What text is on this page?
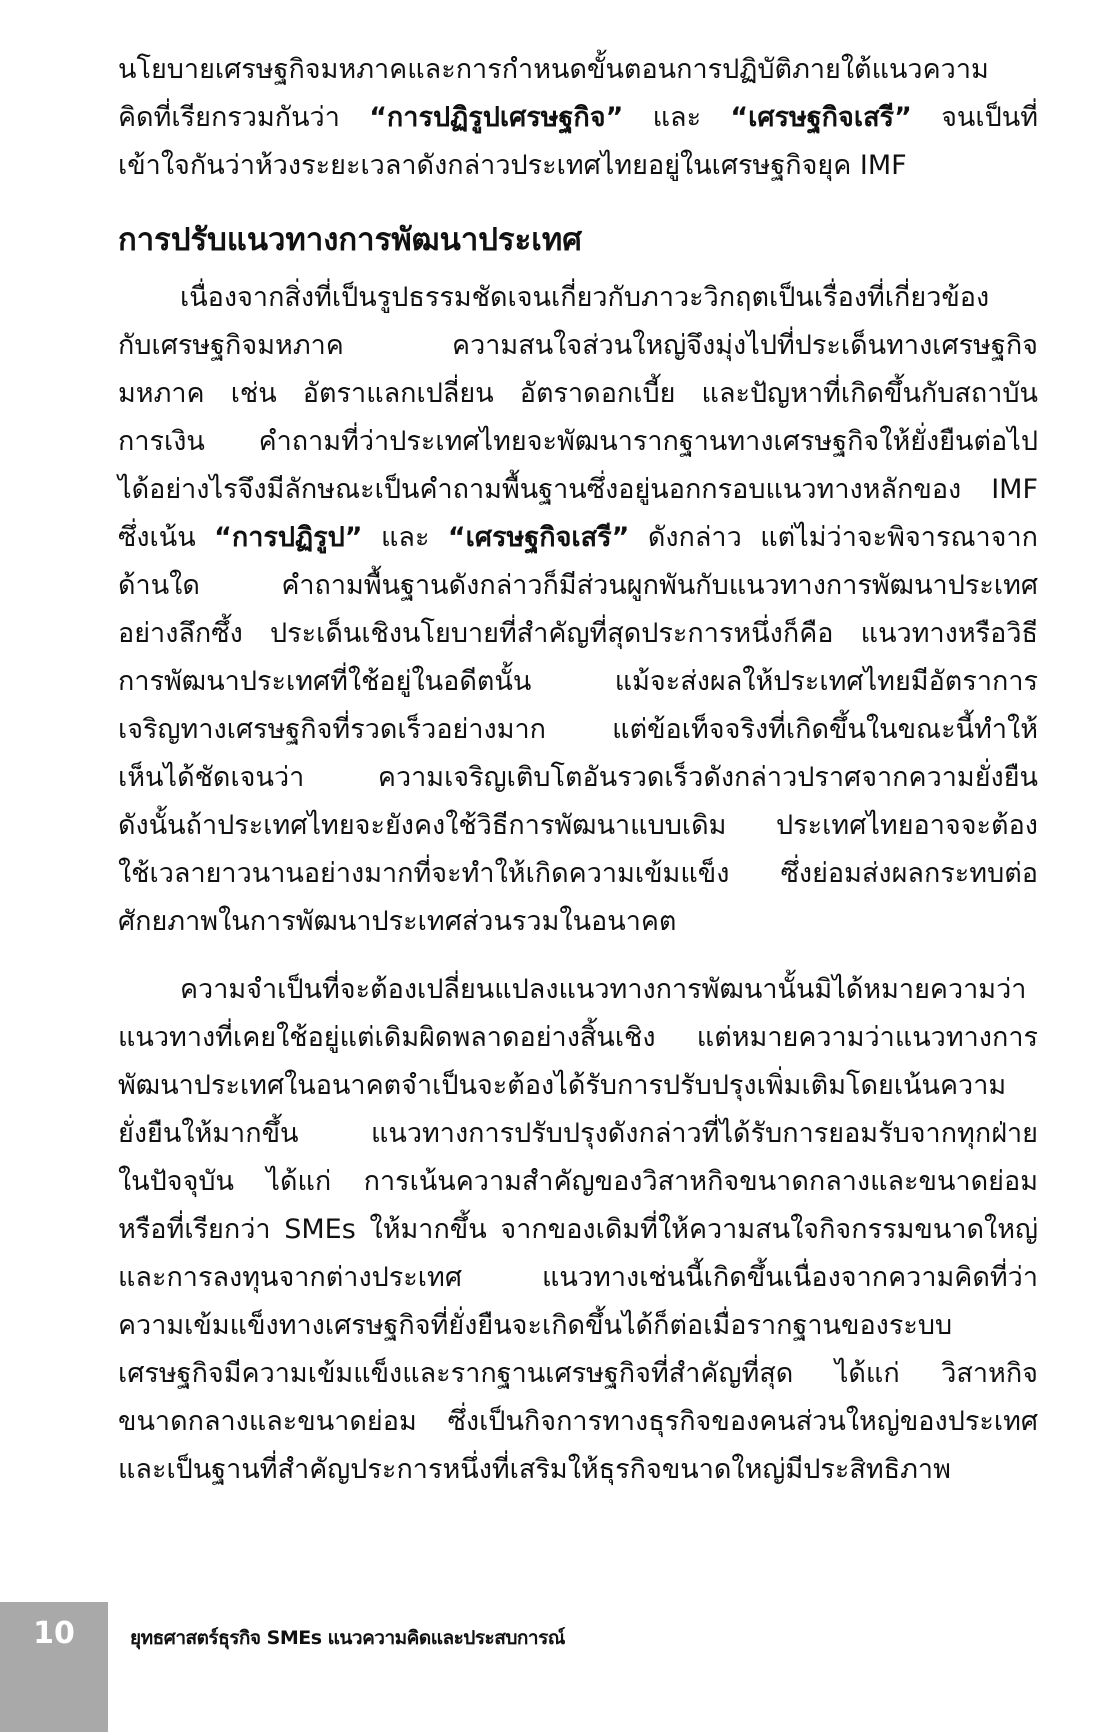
นโยบายเศรษฐกิจมหภาคและการกำหนดขั้นตอนการปฏิบัติภายใต้แนวความ
คิดที่เรียกรวมกันว่า “การปฏิรูปเศรษฐกิจ” และ “เศรษฐกิจเสรี” จนเป็นที่
เข้าใจกันว่าห้วงระยะเวลาดังกล่าวประเทศไทยอยู่ในเศรษฐกิจยุค IMF
การปรับแนวทางการพัฒนาประเทศ
เนื่องจากสิ่งที่เป็นรูปธรรมชัดเจนเกี่ยวกับภาวะวิกฤตเป็นเรื่องที่เกี่ยวข้อง
กับเศรษฐกิจมหภาค ความสนใจส่วนใหญ่จึงมุ่งไปที่ประเด็นทางเศรษฐกิจ
มหภาค เช่น อัตราแลกเปลี่ยน อัตราดอกเบี้ย และปัญหาที่เกิดขึ้นกับสถาบัน
การเงิน คำถามที่ว่าประเทศไทยจะพัฒนารากฐานทางเศรษฐกิจให้ยั่งยืนต่อไป
ได้อย่างไรจึงมีลักษณะเป็นคำถามพื้นฐานซึ่งอยู่นอกกรอบแนวทางหลักของ IMF
ซึ่งเน้น “การปฏิรูป” และ “เศรษฐกิจเสรี” ดังกล่าว แต่ไม่ว่าจะพิจารณาจาก
ด้านใด คำถามพื้นฐานดังกล่าวก็มีส่วนผูกพันกับแนวทางการพัฒนาประเทศ
อย่างลึกซึ้ง ประเด็นเชิงนโยบายที่สำคัญที่สุดประการหนึ่งก็คือ แนวทางหรือวิธี
การพัฒนาประเทศที่ใช้อยู่ในอดีตนั้น แม้จะส่งผลให้ประเทศไทยมีอัตราการ
เจริญทางเศรษฐกิจที่รวดเร็วอย่างมาก แต่ข้อเท็จจริงที่เกิดขึ้นในขณะนี้ทำให้
เห็นได้ชัดเจนว่า ความเจริญเติบโตอันรวดเร็วดังกล่าวปราศจากความยั่งยืน
ดังนั้นถ้าประเทศไทยจะยังคงใช้วิธีการพัฒนาแบบเดิม ประเทศไทยอาจจะต้อง
ใช้เวลายาวนานอย่างมากที่จะทำให้เกิดความเข้มแข็ง ซึ่งย่อมส่งผลกระทบต่อ
ศักยภาพในการพัฒนาประเทศส่วนรวมในอนาคต
ความจำเป็นที่จะต้องเปลี่ยนแปลงแนวทางการพัฒนานั้นมิได้หมายความว่า
แนวทางที่เคยใช้อยู่แต่เดิมผิดพลาดอย่างสิ้นเชิง แต่หมายความว่าแนวทางการ
พัฒนาประเทศในอนาคตจำเป็นจะต้องได้รับการปรับปรุงเพิ่มเติมโดยเน้นความ
ยั่งยืนให้มากขึ้น แนวทางการปรับปรุงดังกล่าวที่ได้รับการยอมรับจากทุกฝ่าย
ในปัจจุบัน ได้แก่ การเน้นความสำคัญของวิสาหกิจขนาดกลางและขนาดย่อม
หรือที่เรียกว่า SMEs ให้มากขึ้น จากของเดิมที่ให้ความสนใจกิจกรรมขนาดใหญ่
และการลงทุนจากต่างประเทศ แนวทางเช่นนี้เกิดขึ้นเนื่องจากความคิดที่ว่า
ความเข้มแข็งทางเศรษฐกิจที่ยั่งยืนจะเกิดขึ้นได้ก็ต่อเมื่อรากฐานของระบบ
เศรษฐกิจมีความเข้มแข็งและรากฐานเศรษฐกิจที่สำคัญที่สุด ได้แก่ วิสาหกิจ
ขนาดกลางและขนาดย่อม ซึ่งเป็นกิจการทางธุรกิจของคนส่วนใหญ่ของประเทศ
และเป็นฐานที่สำคัญประการหนึ่งที่เสริมให้ธุรกิจขนาดใหญ่มีประสิทธิภาพ
10	ยุทธศาสตร์ธุรกิจ SMEs แนวความคิดและประสบการณ์
